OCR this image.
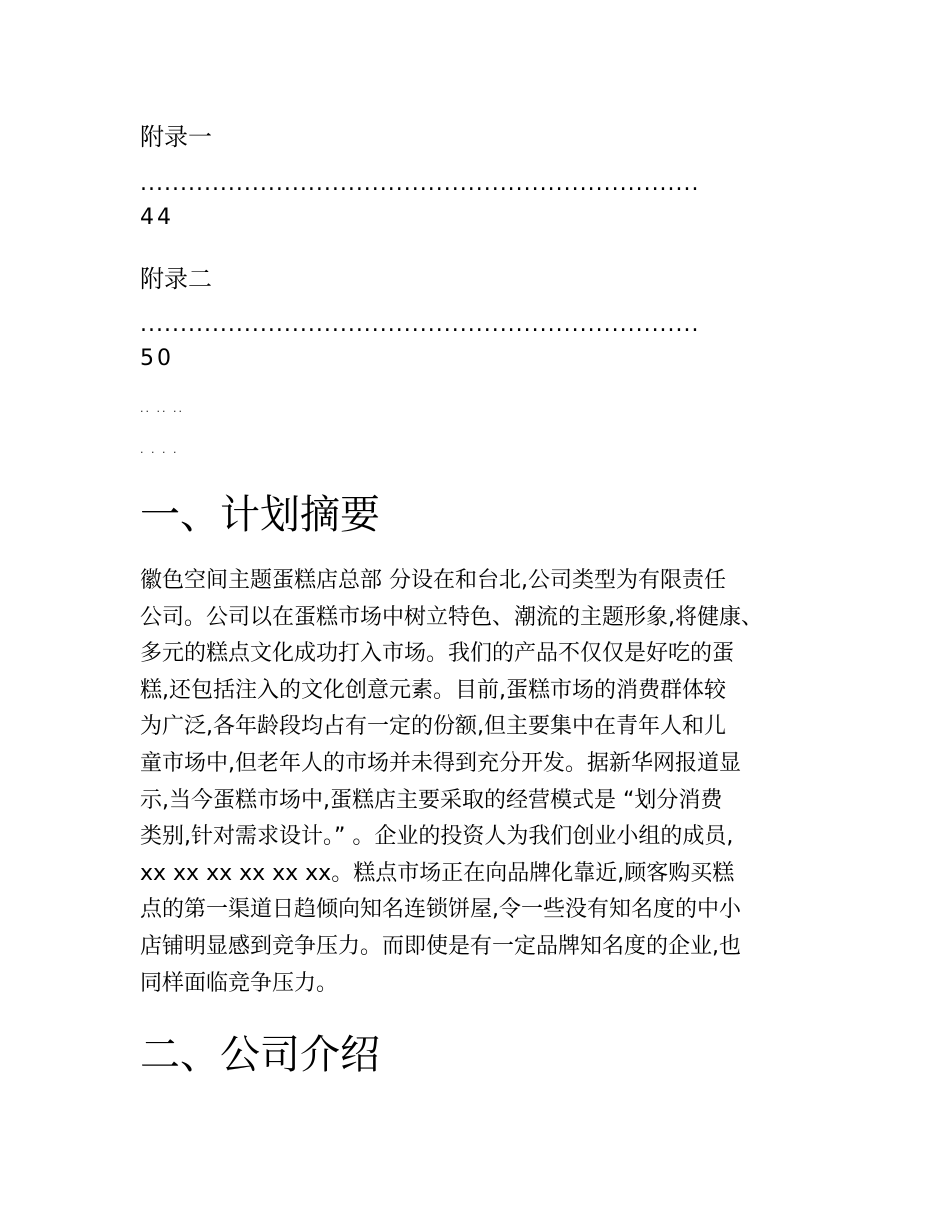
附录一
......................................................................
44
附录二
......................................................................
50
.. .. ..
. . . .
一、计划摘要
徽色空间主题蛋糕店总部 分设在和台北,公司类型为有限责任
公司。公司以在蛋糕市场中树立特色、潮流的主题形象,将健康、
多元的糕点文化成功打入市场。我们的产品不仅仅是好吃的蛋
糕,还包括注入的文化创意元素。目前,蛋糕市场的消费群体较
为广泛,各年龄段均占有一定的份额,但主要集中在青年人和儿
童市场中,但老年人的市场并未得到充分开发。据新华网报道显
示,当今蛋糕市场中,蛋糕店主要采取的经营模式是 “划分消费
类别,针对需求设计。” 。企业的投资人为我们创业小组的成员,
xx xx xx xx xx xx。糕点市场正在向品牌化靠近,顾客购买糕
点的第一渠道日趋倾向知名连锁饼屋,令一些没有知名度的中小
店铺明显感到竞争压力。而即使是有一定品牌知名度的企业,也
同样面临竞争压力。
二、公司介绍
